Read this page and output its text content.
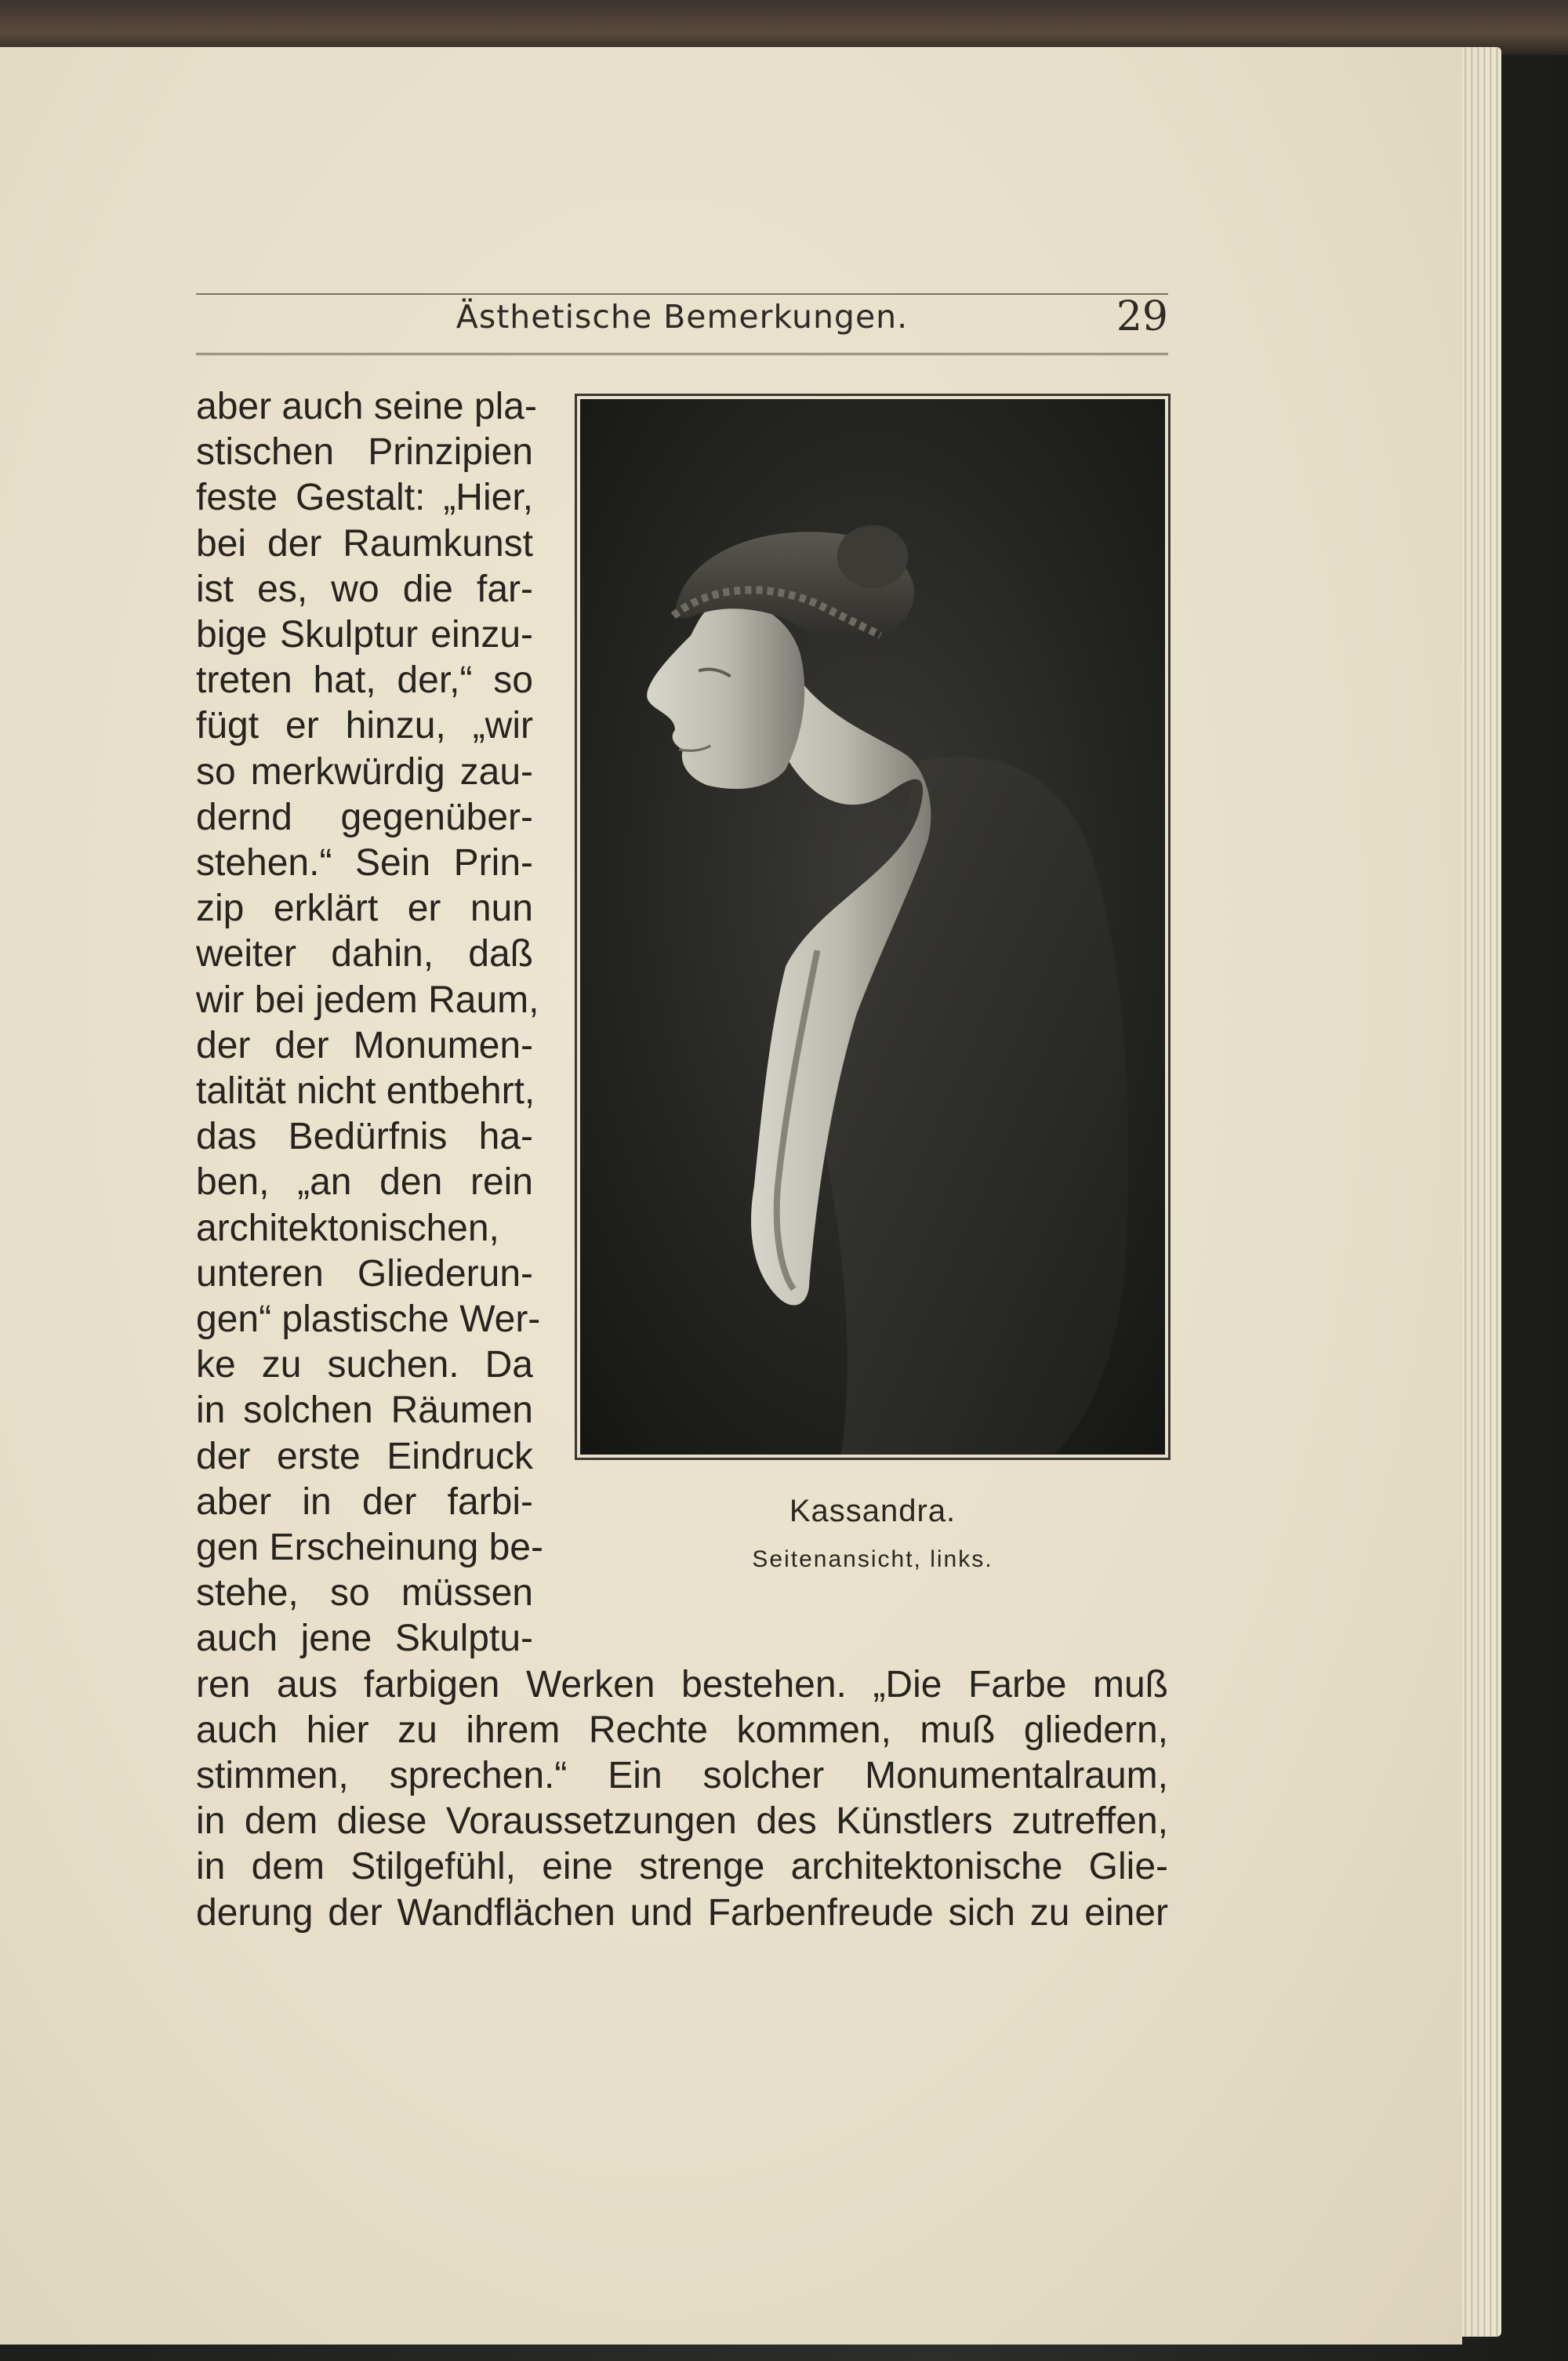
Ästhetische Bemerkungen.	29

aber auch seine pla-

stischen Prinzipien

feste Gestalt: „Hier,

bei der Raumkunst

ist es, wo die far-

bige Skulptur einzu-

treten hat, der,“ so

fügt er hinzu, „wir

so merkwürdig zau-

dernd gegenüber-

stehen.“ Sein Prin-

zip erklärt er nun

weiter dahin, daß

wir bei jedem Raum,

der der Monumen-

talität nicht entbehrt,

das Bedürfnis ha-

ben, „an den rein

architektonischen,

unteren Gliederun-

gen“ plastische Wer-

ke zu suchen. Da

in solchen Räumen

der erste Eindruck

aber in der farbi-

gen Erscheinung be-

stehe, so müssen

auch jene Skulptu-

ren aus farbigen Werken bestehen. „Die Farbe muß

auch hier zu ihrem Rechte kommen, muß gliedern,

stimmen, sprechen.“ Ein solcher Monumentalraum,

in dem diese Voraussetzungen des Künstlers zutreffen,

in dem Stilgefühl, eine strenge architektonische Glie-

derung der Wandflächen und Farbenfreude sich zu einer

Kassandra.
Seitenansicht, links.
